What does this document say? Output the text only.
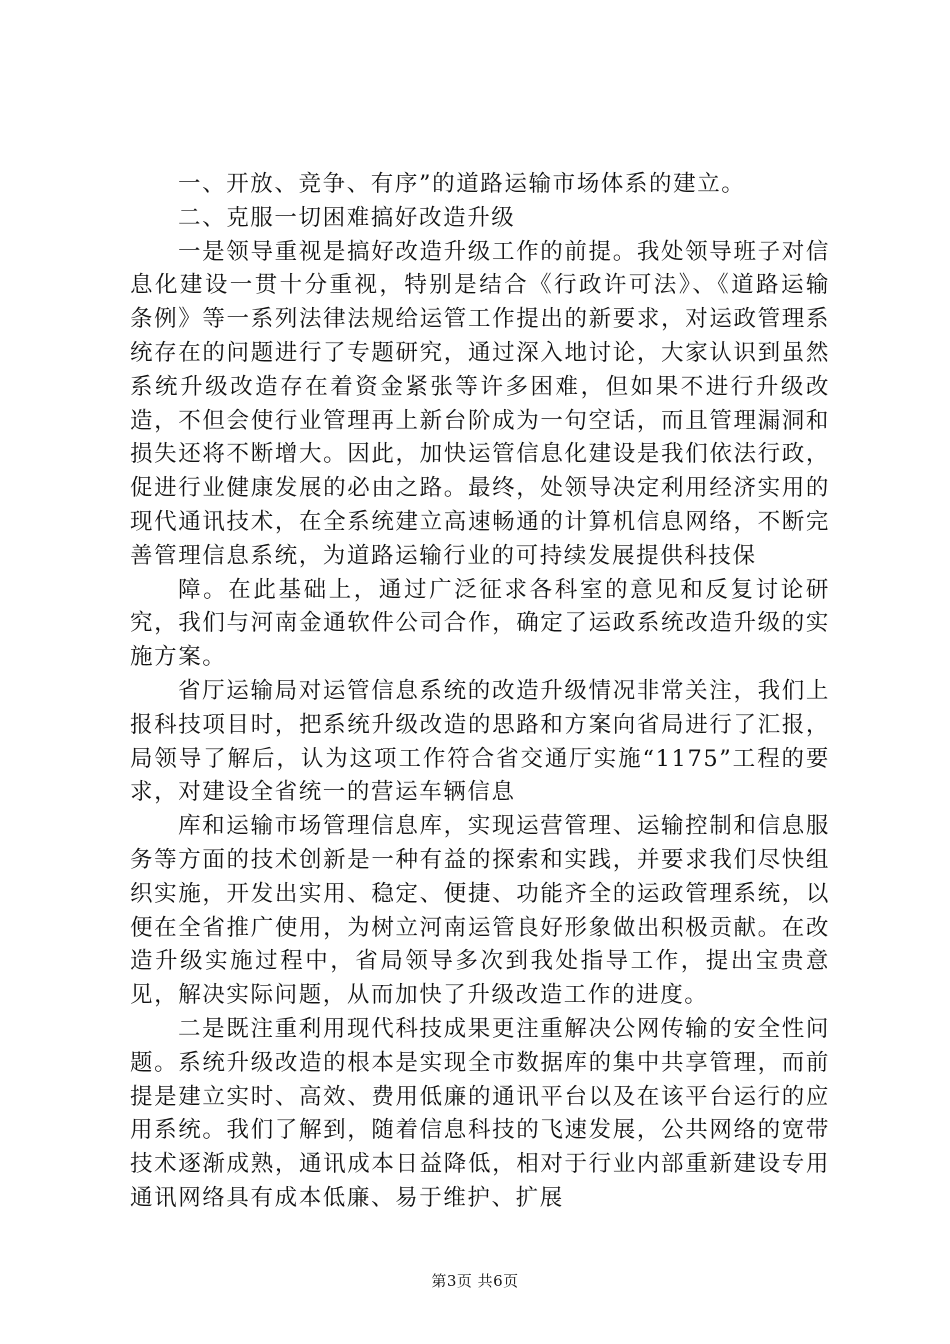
一、开放、竞争、有序”的道路运输市场体系的建立。

二、克服一切困难搞好改造升级

一是领导重视是搞好改造升级工作的前提。我处领导班子对信息化建设一贯十分重视，特别是结合《行政许可法》、《道路运输条例》等一系列法律法规给运管工作提出的新要求，对运政管理系统存在的问题进行了专题研究，通过深入地讨论，大家认识到虽然系统升级改造存在着资金紧张等许多困难，但如果不进行升级改造，不但会使行业管理再上新台阶成为一句空话，而且管理漏洞和损失还将不断增大。因此，加快运管信息化建设是我们依法行政，促进行业健康发展的必由之路。最终，处领导决定利用经济实用的现代通讯技术，在全系统建立高速畅通的计算机信息网络，不断完善管理信息系统，为道路运输行业的可持续发展提供科技保

障。在此基础上，通过广泛征求各科室的意见和反复讨论研究，我们与河南金通软件公司合作，确定了运政系统改造升级的实施方案。

省厅运输局对运管信息系统的改造升级情况非常关注，我们上报科技项目时，把系统升级改造的思路和方案向省局进行了汇报，局领导了解后，认为这项工作符合省交通厅实施“1175”工程的要求，对建设全省统一的营运车辆信息

库和运输市场管理信息库，实现运营管理、运输控制和信息服务等方面的技术创新是一种有益的探索和实践，并要求我们尽快组织实施，开发出实用、稳定、便捷、功能齐全的运政管理系统，以便在全省推广使用，为树立河南运管良好形象做出积极贡献。在改造升级实施过程中，省局领导多次到我处指导工作，提出宝贵意见，解决实际问题，从而加快了升级改造工作的进度。

二是既注重利用现代科技成果更注重解决公网传输的安全性问题。系统升级改造的根本是实现全市数据库的集中共享管理，而前提是建立实时、高效、费用低廉的通讯平台以及在该平台运行的应用系统。我们了解到，随着信息科技的飞速发展，公共网络的宽带技术逐渐成熟，通讯成本日益降低，相对于行业内部重新建设专用通讯网络具有成本低廉、易于维护、扩展

第3页 共6页
